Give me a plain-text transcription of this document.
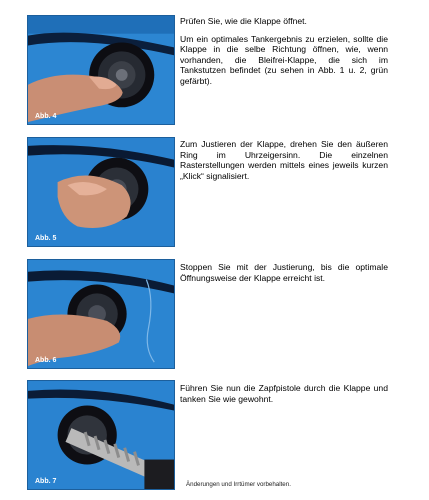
Abb. 4

Prüfen Sie, wie die Klappe öffnet.

Um ein optimales Tankergebnis zu erzielen, sollte die Klappe in die selbe Richtung öffnen, wie, wenn vorhanden, die Bleifrei-Klappe, die sich im Tankstutzen befindet (zu sehen in Abb. 1 u. 2, grün gefärbt).

Abb. 5

Zum Justieren der Klappe, drehen Sie den äußeren Ring im Uhrzeigersinn. Die einzelnen Rasterstellungen werden mittels eines jeweils kurzen „Klick“ signalisiert.

Abb. 6

Stoppen Sie mit der Justierung, bis die optimale Öffnungsweise der Klappe erreicht ist.

Abb. 7

Führen Sie nun die Zapfpistole durch die Klappe und tanken Sie wie gewohnt.

Änderungen und Irrtümer vorbehalten.
